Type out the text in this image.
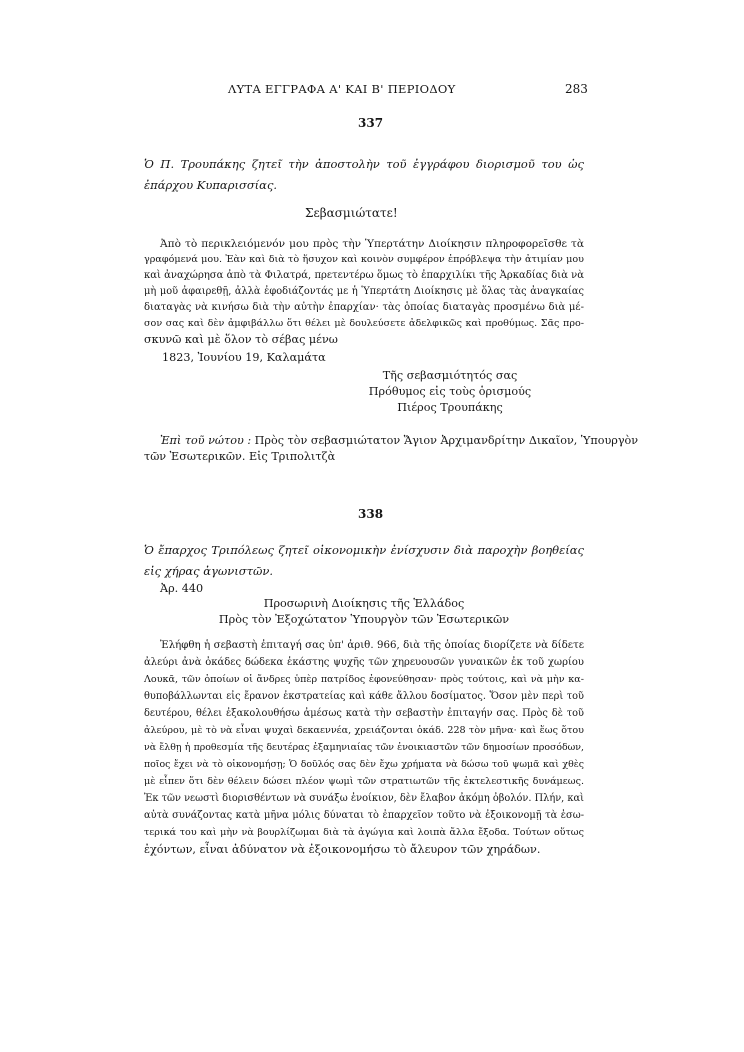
ΛΥΤΑ ΕΓΓΡΑΦΑ Α' ΚΑΙ Β' ΠΕΡΙΟΔΟΥ	283
337
Ὁ Π. Τρουπάκης ζητεῖ τὴν ἀποστολὴν τοῦ ἐγγράφου διορισμοῦ του ὡς ἐπάρχου Κυπαρισσίας.
Σεβασμιώτατε!
Ἀπὸ τὸ περικλειόμενόν μου πρὸς τὴν Ὑπερτάτην Διοίκησιν πληροφορεῖσθε τὰ
γραφόμενά μου. Ἐὰν καὶ διὰ τὸ ἥσυχον καὶ κοινὸν συμφέρον ἐπρόβλεψα τὴν ἀτιμίαν μου
καὶ ἀναχώρησα ἀπὸ τὰ Φιλατρά, πρετεντέρω ὅμως τὸ ἐπαρχιλίκι τῆς Ἀρκαδίας διὰ νὰ
μὴ μοῦ ἀφαιρεθῇ, ἀλλὰ ἐφοδιάζοντάς με ἡ Ὑπερτάτη Διοίκησις μὲ ὅλας τὰς ἀναγκαίας
διαταγὰς νὰ κινήσω διὰ τὴν αὐτὴν ἐπαρχίαν· τὰς ὁποίας διαταγὰς προσμένω διὰ μέ-
σον σας καὶ δὲν ἀμφιβάλλω ὅτι θέλει μὲ δουλεύσετε ἀδελφικῶς καὶ προθύμως. Σᾶς προ-
σκυνῶ καὶ μὲ ὅλον τὸ σέβας μένω
1823, Ἰουνίου 19, Καλαμάτα
Τῆς σεβασμιότητός σας
Πρόθυμος εἰς τοὺς ὁρισμούς
Πιέρος Τρουπάκης
Ἐπὶ τοῦ νώτου : Πρὸς τὸν σεβασμιώτατον Ἅγιον Ἀρχιμανδρίτην Δικαῖον, Ὑπουργὸν
τῶν Ἐσωτερικῶν. Εἰς Τριπολιτζὰ
338
Ὁ ἔπαρχος Τριπόλεως ζητεῖ οἰκονομικὴν ἐνίσχυσιν διὰ παροχὴν βοηθείας εἰς χήρας ἀγωνιστῶν.
Ἀρ. 440
Προσωρινὴ Διοίκησις τῆς Ἑλλάδος
Πρὸς τὸν Ἐξοχώτατον Ὑπουργὸν τῶν Ἐσωτερικῶν
Ἐλήφθη ἡ σεβαστὴ ἐπιταγή σας ὑπ' ἀριθ. 966, διὰ τῆς ὁποίας διορίζετε νὰ δίδετε
ἀλεύρι ἀνὰ ὀκάδες δώδεκα ἑκάστης ψυχῆς τῶν χηρευουσῶν γυναικῶν ἐκ τοῦ χωρίου
Λουκᾶ, τῶν ὁποίων οἱ ἄνδρες ὑπὲρ πατρίδος ἐφονεύθησαν· πρὸς τούτοις, καὶ νὰ μὴν κα-
θυποβάλλωνται εἰς ἔρανον ἐκστρατείας καὶ κάθε ἄλλου δοσίματος. Ὅσον μὲν περὶ τοῦ
δευτέρου, θέλει ἐξακολουθήσω ἀμέσως κατὰ τὴν σεβαστὴν ἐπιταγήν σας. Πρὸς δὲ τοῦ
ἀλεύρου, μὲ τὸ νὰ εἶναι ψυχαὶ δεκαεννέα, χρειάζονται ὀκάδ. 228 τὸν μῆνα· καὶ ἕως ὅτου
νὰ ἔλθῃ ἡ προθεσμία τῆς δευτέρας ἑξαμηνιαίας τῶν ἐνοικιαστῶν τῶν δημοσίων προσόδων,
ποῖος ἔχει νὰ τὸ οἰκονομήσῃ; Ὁ δοῦλός σας δὲν ἔχω χρήματα νὰ δώσω τοῦ ψωμᾶ καὶ χθὲς
μὲ εἶπεν ὅτι δὲν θέλειν δώσει πλέον ψωμὶ τῶν στρατιωτῶν τῆς ἐκτελεστικῆς δυνάμεως.
Ἐκ τῶν νεωστὶ διορισθέντων νὰ συνάξω ἐνοίκιον, δὲν ἔλαβον ἀκόμη ὀβολόν. Πλήν, καὶ
αὐτὰ συνάζοντας κατὰ μῆνα μόλις δύναται τὸ ἐπαρχεῖον τοῦτο νὰ ἐξοικονομῇ τὰ ἐσω-
τερικά του καὶ μὴν νὰ βουρλίζωμαι διὰ τὰ ἀγώγια καὶ λοιπὰ ἄλλα ἔξοδα. Τούτων οὕτως
ἐχόντων, εἶναι ἀδύνατον νὰ ἐξοικονομήσω τὸ ἄλευρον τῶν χηράδων.
